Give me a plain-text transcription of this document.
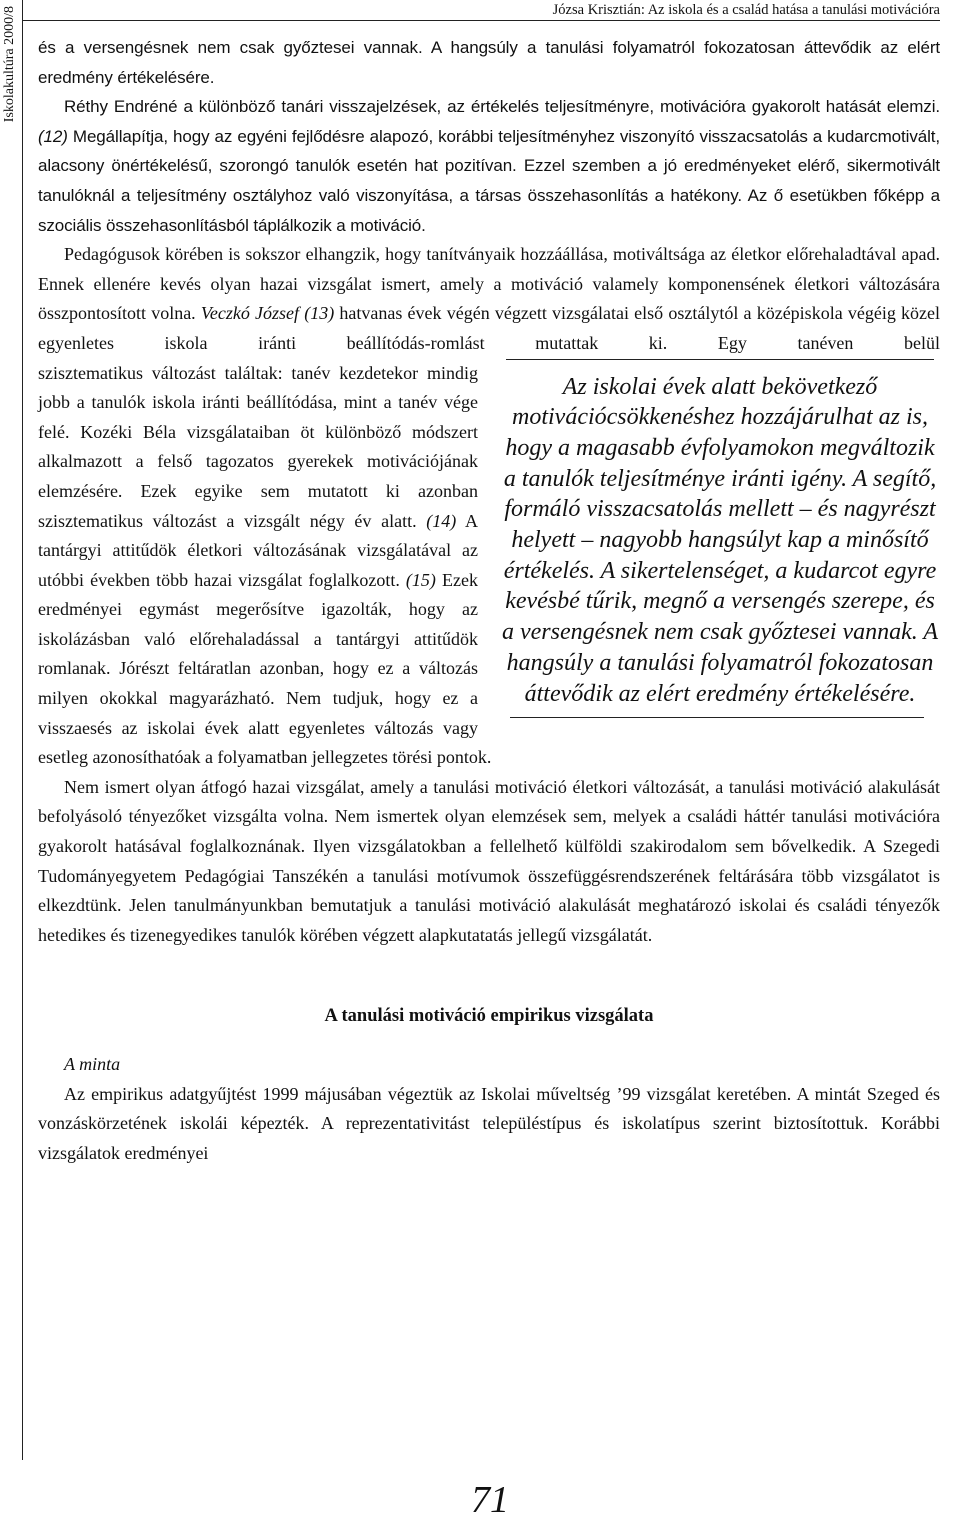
Iskolakultúra 2000/8	Józsa Krisztián: Az iskola és a család hatása a tanulási motivációra

és a versengésnek nem csak győztesei vannak. A hangsúly a tanulási folyamatról fokozatosan áttevődik az elért eredmény értékelésére.

Réthy Endréné a különböző tanári visszajelzések, az értékelés teljesítményre, motivációra gyakorolt hatását elemzi. (12) Megállapítja, hogy az egyéni fejlődésre alapozó, korábbi teljesítményhez viszonyító visszacsatolás a kudarcmotivált, alacsony önértékelésű, szorongó tanulók esetén hat pozitívan. Ezzel szemben a jó eredményeket elérő, sikermotivált tanulóknál a teljesítmény osztályhoz való viszonyítása, a társas összehasonlítás a hatékony. Az ő esetükben főképp a szociális összehasonlításból táplálkozik a motiváció.

Pedagógusok körében is sokszor elhangzik, hogy tanítványaik hozzáállása, motiváltsága az életkor előrehaladtával apad. Ennek ellenére kevés olyan hazai vizsgálat ismert, amely a motiváció valamely komponensének életkori változására összpontosított volna. Veczkó József (13) hatvanas évek végén végzett vizsgálatai első osztálytól a középiskola végéig közel egyenletes iskola iránti beállítódás-romlást mutattak ki. Egy tanéven belül

Az iskolai évek alatt bekövetkező motivációcsökkenéshez hozzájárulhat az is, hogy a magasabb évfolyamokon megváltozik a tanulók teljesítménye iránti igény. A segítő, formáló visszacsatolás mellett – és nagyrészt helyett – nagyobb hangsúlyt kap a minősítő értékelés. A sikertelenséget, a kudarcot egyre kevésbé tűrik, megnő a versengés szerepe, és a versengésnek nem csak győztesei vannak. A hangsúly a tanulási folyamatról fokozatosan áttevődik az elért eredmény értékelésére.

szisztematikus változást találtak: tanév kezdetekor mindig jobb a tanulók iskola iránti beállítódása, mint a tanév vége felé. Kozéki Béla vizsgálataiban öt különböző módszert alkalmazott a felső tagozatos gyerekek motivációjának elemzésére. Ezek egyike sem mutatott ki azonban szisztematikus változást a vizsgált négy év alatt. (14) A tantárgyi attitűdök életkori változásának vizsgálatával az utóbbi években több hazai vizsgálat foglalkozott. (15) Ezek eredményei egymást megerősítve igazolták, hogy az iskolázásban való előrehaladással a tantárgyi attitűdök romlanak. Jórészt feltáratlan azonban, hogy ez a változás milyen okokkal magyarázható. Nem tudjuk, hogy ez a visszaesés az iskolai évek alatt egyenletes változás vagy esetleg azonosíthatóak a folyamatban jellegzetes törési pontok.

Nem ismert olyan átfogó hazai vizsgálat, amely a tanulási motiváció életkori változását, a tanulási motiváció alakulását befolyásoló tényezőket vizsgálta volna. Nem ismertek olyan elemzések sem, melyek a családi háttér tanulási motivációra gyakorolt hatásával foglalkoznának. Ilyen vizsgálatokban a fellelhető külföldi szakirodalom sem bővelkedik. A Szegedi Tudományegyetem Pedagógiai Tanszékén a tanulási motívumok összefüggésrendszerének feltárására több vizsgálatot is elkezdtünk. Jelen tanulmányunkban bemutatjuk a tanulási motiváció alakulását meghatározó iskolai és családi tényezők hetedikes és tizenegyedikes tanulók körében végzett alapkutatatás jellegű vizsgálatát.

A tanulási motiváció empirikus vizsgálata

A minta

Az empirikus adatgyűjtést 1999 májusában végeztük az Iskolai műveltség ’99 vizsgálat keretében. A mintát Szeged és vonzáskörzetének iskolái képezték. A reprezentativitást településtípus és iskolatípus szerint biztosítottuk. Korábbi vizsgálatok eredményei

71
